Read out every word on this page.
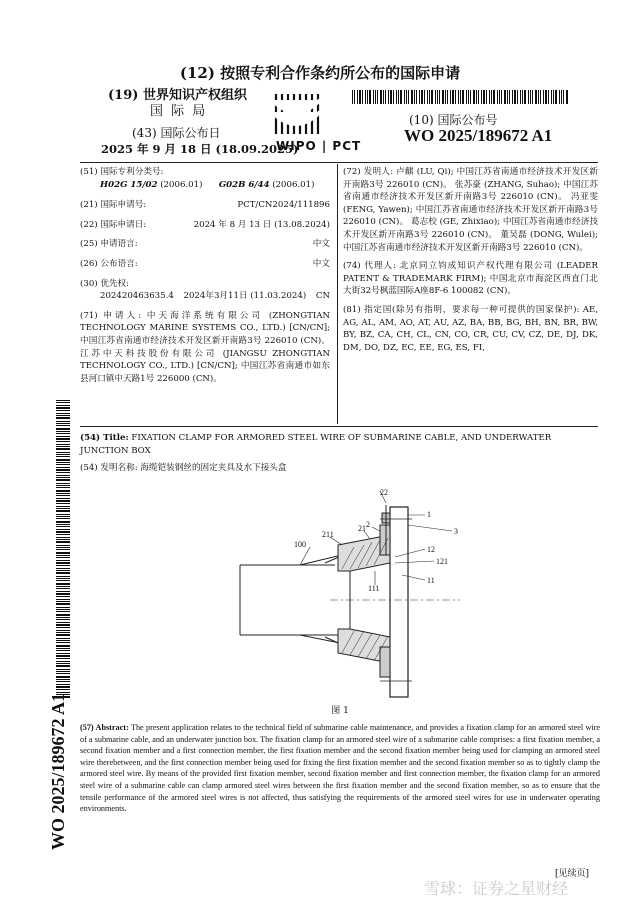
(12) 按照专利合作条约所公布的国际申请
(19) 世界知识产权组织
国 际 局
(43) 国际公布日
2025 年 9 月 18 日 (18.09.2025)
WIPO | PCT
(10) 国际公布号
WO 2025/189672 A1
(51) 国际专利分类号:
H02G 15/02 (2006.01) G02B 6/44 (2006.01)
(21) 国际申请号:	PCT/CN2024/111896
(22) 国际申请日:	2024 年 8 月 13 日 (13.08.2024)
(25) 申请语言:	中文
(26) 公布语言:	中文
(30) 优先权:
202420463635.4 2024年3月11日 (11.03.2024) CN
(71) 申请人: 中天海洋系统有限公司 (ZHONGTIAN TECHNOLOGY MARINE SYSTEMS CO., LTD.) [CN/CN]; 中国江苏省南通市经济技术开发区新开南路3号 226010 (CN)。 江苏中天科技股份有限公司 (JIANGSU ZHONGTIAN TECHNOLOGY CO., LTD.) [CN/CN]; 中国江苏省南通市如东县河口镇中天路1号 226000 (CN)。
(72) 发明人: 卢麒 (LU, Qi); 中国江苏省南通市经济技术开发区新开南路3号 226010 (CN)。 张苏豪 (ZHANG, Suhao); 中国江苏省南通市经济技术开发区新开南路3号 226010 (CN)。 冯亚雯 (FENG, Yawen); 中国江苏省南通市经济技术开发区新开南路3号 226010 (CN)。 葛志校 (GE, Zhixiao); 中国江苏省南通市经济技术开发区新开南路3号 226010 (CN)。 董吴磊 (DONG, Wulei); 中国江苏省南通市经济技术开发区新开南路3号 226010 (CN)。
(74) 代理人: 北京同立钧成知识产权代理有限公司 (LEADER PATENT & TRADEMARK FIRM); 中国北京市海淀区西直门北大街32号枫蓝国际A座8F-6 100082 (CN)。
(81) 指定国(除另有指明，要求每一种可提供的国家保护): AE, AG, AL, AM, AO, AT, AU, AZ, BA, BB, BG, BH, BN, BR, BW, BY, BZ, CA, CH, CL, CN, CO, CR, CU, CV, CZ, DE, DJ, DK, DM, DO, DZ, EC, EE, EG, ES, FI,
(54) Title: FIXATION CLAMP FOR ARMORED STEEL WIRE OF SUBMARINE CABLE, AND UNDERWATER JUNCTION BOX
(54) 发明名称: 海缆铠装钢丝的固定夹具及水下接头盒
22
1
3
2
21
211
100
12
121
111
11
图 1
(57) Abstract: The present application relates to the technical field of submarine cable maintenance, and provides a fixation clamp for an armored steel wire of a submarine cable, and an underwater junction box. The fixation clamp for an armored steel wire of a submarine cable comprises: a first fixation member, a second fixation member and a first connection member, the first fixation member and the second fixation member being used for clamping an armored steel wire therebetween, and the first connection member being used for fixing the first fixation member and the second fixation member so as to tightly clamp the armored steel wire. By means of the provided first fixation member, second fixation member and first connection member, the fixation clamp for an armored steel wire of a submarine cable can clamp armored steel wires between the first fixation member and the second fixation member, so as to ensure that the tensile performance of the armored steel wires is not affected, thus satisfying the requirements of the armored steel wires for use in underwater operating environments.
WO 2025/189672 A1
[见续页]
雪球：证券之星财经
